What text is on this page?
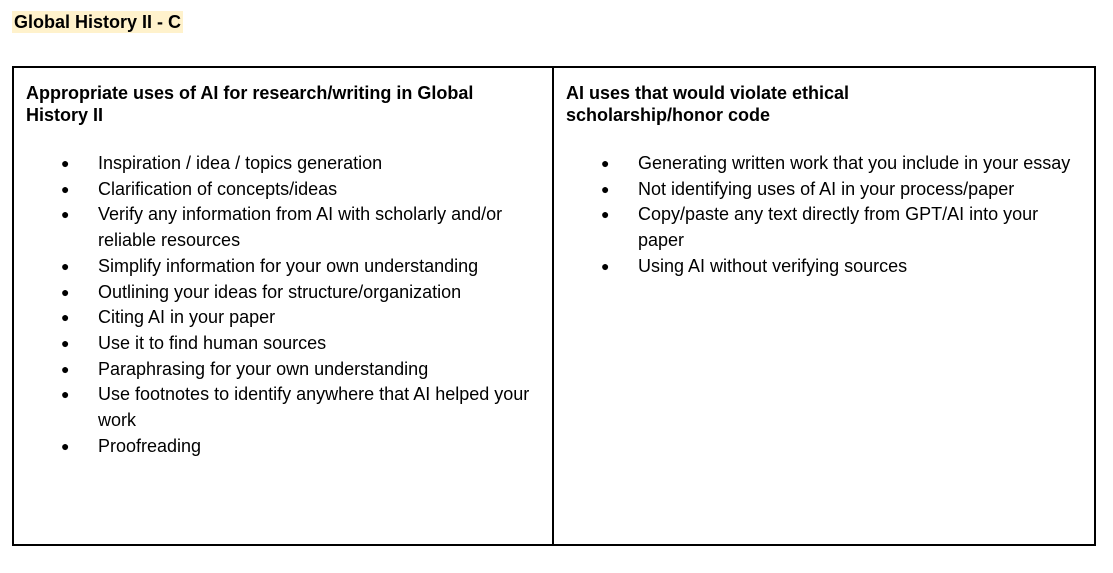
Global History II - C
Appropriate uses of AI for research/writing in Global History II
● Inspiration / idea / topics generation
● Clarification of concepts/ideas
● Verify any information from AI with scholarly and/or reliable resources
● Simplify information for your own understanding
● Outlining your ideas for structure/organization
● Citing AI in your paper
● Use it to find human sources
● Paraphrasing for your own understanding
● Use footnotes to identify anywhere that AI helped your work
● Proofreading

AI uses that would violate ethical scholarship/honor code
● Generating written work that you include in your essay
● Not identifying uses of AI in your process/paper
● Copy/paste any text directly from GPT/AI into your paper
● Using AI without verifying sources
